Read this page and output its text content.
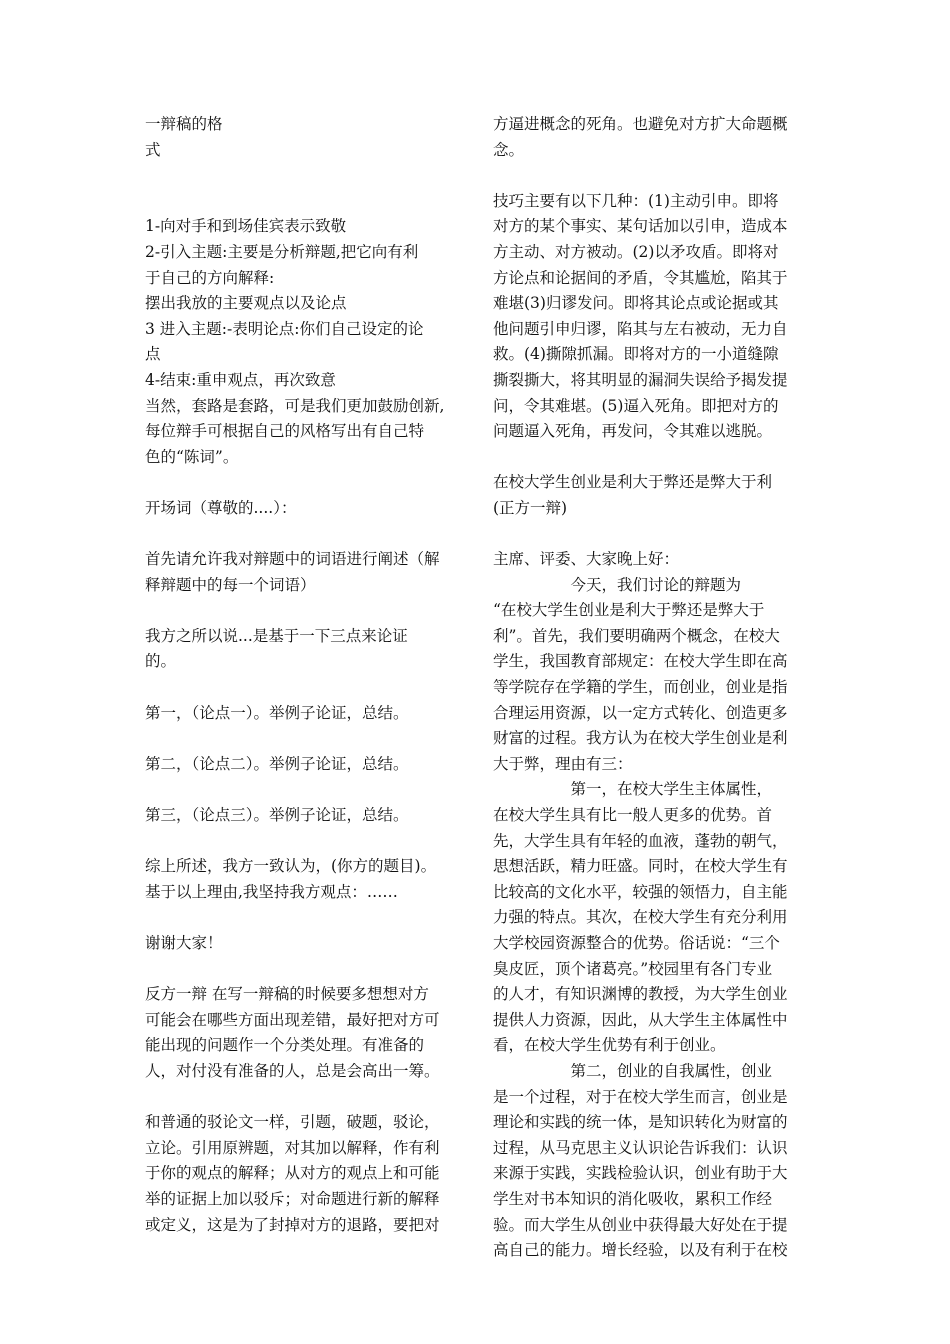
一辩稿的格
式
1-向对手和到场佳宾表示致敬
2-引入主题:主要是分析辩题,把它向有利
于自己的方向解释:
摆出我放的主要观点以及论点
3 进入主题:-表明论点:你们自己设定的论
点
4-结束:重申观点，再次致意
当然，套路是套路，可是我们更加鼓励创新,
每位辩手可根据自己的风格写出有自己特
色的“陈词”。
开场词（尊敬的....）：
首先请允许我对辩题中的词语进行阐述（解
释辩题中的每一个词语）
我方之所以说...是基于一下三点来论证
的。
第一，（论点一）。举例子论证，总结。
第二，（论点二）。举例子论证，总结。
第三，（论点三）。举例子论证，总结。
综上所述，我方一致认为，(你方的题目)。
基于以上理由,我坚持我方观点：……
谢谢大家！
反方一辩 在写一辩稿的时候要多想想对方
可能会在哪些方面出现差错，最好把对方可
能出现的问题作一个分类处理。有准备的
人，对付没有准备的人，总是会高出一筹。
和普通的驳论文一样，引题，破题，驳论，
立论。引用原辨题，对其加以解释，作有利
于你的观点的解释；从对方的观点上和可能
举的证据上加以驳斥；对命题进行新的解释
或定义，这是为了封掉对方的退路，要把对
方逼进概念的死角。也避免对方扩大命题概
念。
技巧主要有以下几种：(1)主动引申。即将
对方的某个事实、某句话加以引申，造成本
方主动、对方被动。(2)以矛攻盾。即将对
方论点和论据间的矛盾，令其尴尬，陷其于
难堪(3)归谬发问。即将其论点或论据或其
他问题引申归谬，陷其与左右被动，无力自
救。(4)撕隙抓漏。即将对方的一小道缝隙
撕裂撕大，将其明显的漏洞失误给予揭发提
问，令其难堪。(5)逼入死角。即把对方的
问题逼入死角，再发问，令其难以逃脱。
在校大学生创业是利大于弊还是弊大于利
(正方一辩)
主席、评委、大家晚上好：
　　　　　今天，我们讨论的辩题为
“在校大学生创业是利大于弊还是弊大于
利”。首先，我们要明确两个概念，在校大
学生，我国教育部规定：在校大学生即在高
等学院存在学籍的学生，而创业，创业是指
合理运用资源，以一定方式转化、创造更多
财富的过程。我方认为在校大学生创业是利
大于弊，理由有三：
　　　　　第一，在校大学生主体属性，
在校大学生具有比一般人更多的优势。首
先，大学生具有年轻的血液，蓬勃的朝气，
思想活跃，精力旺盛。同时，在校大学生有
比较高的文化水平，较强的领悟力，自主能
力强的特点。其次，在校大学生有充分利用
大学校园资源整合的优势。俗话说：“三个
臭皮匠，顶个诸葛亮。”校园里有各门专业
的人才，有知识渊博的教授，为大学生创业
提供人力资源，因此，从大学生主体属性中
看，在校大学生优势有利于创业。
　　　　　第二，创业的自我属性，创业
是一个过程，对于在校大学生而言，创业是
理论和实践的统一体，是知识转化为财富的
过程，从马克思主义认识论告诉我们：认识
来源于实践，实践检验认识，创业有助于大
学生对书本知识的消化吸收，累积工作经
验。而大学生从创业中获得最大好处在于提
高自己的能力。增长经验，以及有利于在校
